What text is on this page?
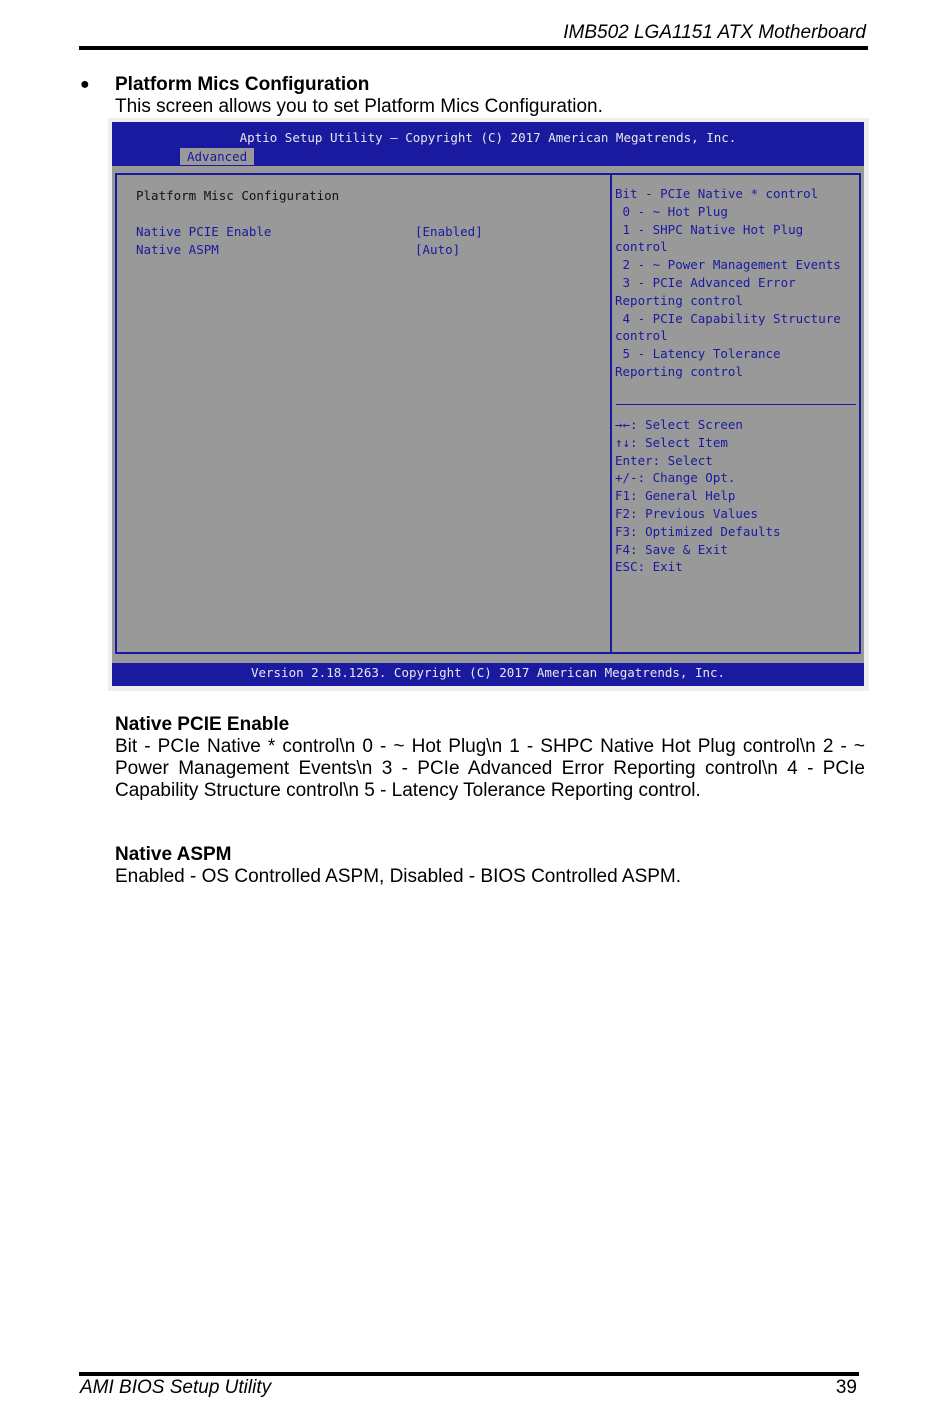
IMB502 LGA1151 ATX Motherboard
● Platform Mics Configuration
This screen allows you to set Platform Mics Configuration.
Aptio Setup Utility – Copyright (C) 2017 American Megatrends, Inc.
Advanced
Platform Misc Configuration
Native PCIE Enable	[Enabled]
Native ASPM	[Auto]
Bit - PCIe Native * control
0 - ~ Hot Plug
1 - SHPC Native Hot Plug
control
2 - ~ Power Management Events
3 - PCIe Advanced Error
Reporting control
4 - PCIe Capability Structure
control
5 - Latency Tolerance
Reporting control
→←: Select Screen
↑↓: Select Item
Enter: Select
+/-: Change Opt.
F1: General Help
F2: Previous Values
F3: Optimized Defaults
F4: Save & Exit
ESC: Exit
Version 2.18.1263. Copyright (C) 2017 American Megatrends, Inc.
Native PCIE Enable
Bit - PCIe Native * control\n 0 - ~ Hot Plug\n 1 - SHPC Native Hot Plug control\n 2 - ~ Power Management Events\n 3 - PCIe Advanced Error Reporting control\n 4 - PCIe Capability Structure control\n 5 - Latency Tolerance Reporting control.
Native ASPM
Enabled - OS Controlled ASPM, Disabled - BIOS Controlled ASPM.
AMI BIOS Setup Utility	39
